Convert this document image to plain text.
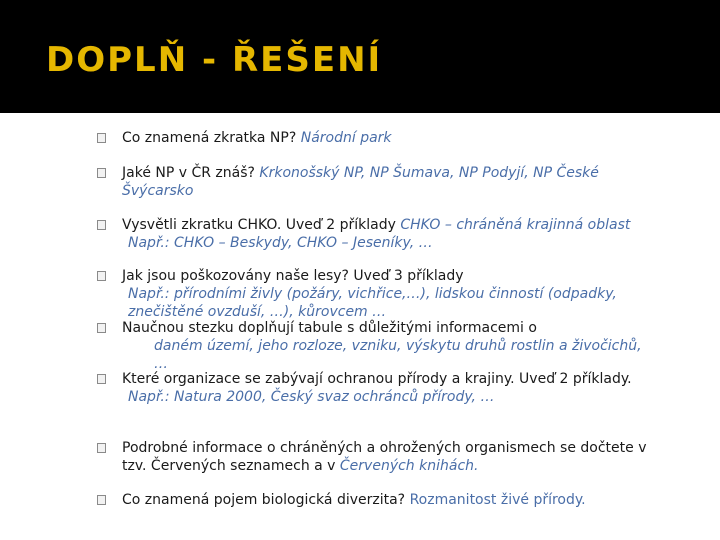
DOPLŇ - ŘEŠENÍ
Co znamená zkratka NP? Národní park
Jaké NP v ČR znáš? Krkonošský NP, NP Šumava, NP Podyjí, NP České Švýcarsko
Vysvětli zkratku CHKO. Uveď 2 příklady CHKO – chráněná krajinná oblast
Např.: CHKO – Beskydy, CHKO – Jeseníky, …
Jak jsou poškozovány naše lesy? Uveď 3 příklady
Např.: přírodními živly (požáry, vichřice,…), lidskou činností (odpadky, znečištěné ovzduší, …), kůrovcem …
Naučnou stezku doplňují tabule s důležitými informacemi o
daném území, jeho rozloze, vzniku, výskytu druhů rostlin a živočichů, …
Které organizace se zabývají ochranou přírody a krajiny. Uveď 2 příklady.
Např.: Natura 2000, Český svaz ochránců přírody, …
Podrobné informace o chráněných a ohrožených organismech se dočtete v tzv. Červených seznamech a v Červených knihách.
Co znamená pojem biologická diverzita? Rozmanitost živé přírody.
